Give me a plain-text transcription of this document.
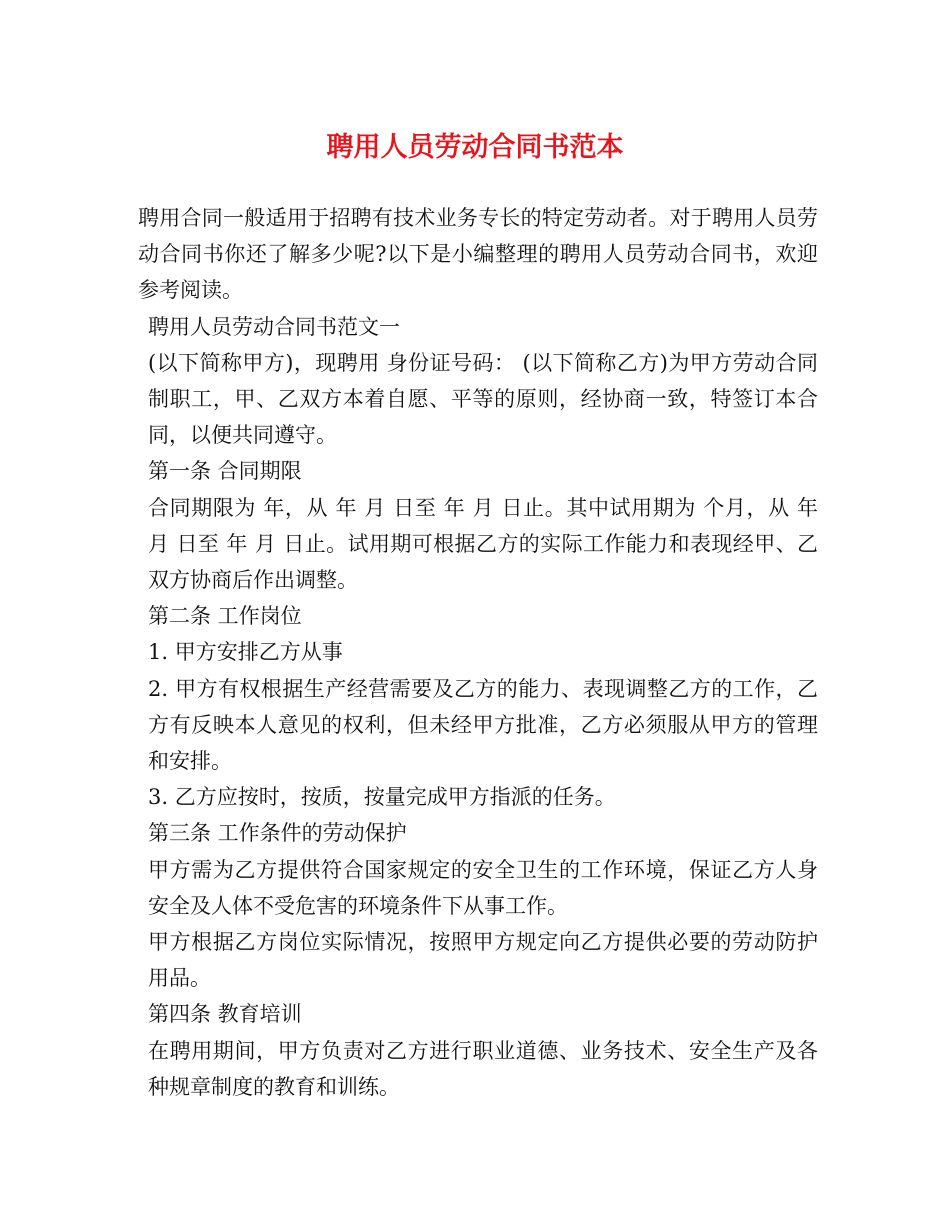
聘用人员劳动合同书范本

聘用合同一般适用于招聘有技术业务专长的特定劳动者。对于聘用人员劳动合同书你还了解多少呢?以下是小编整理的聘用人员劳动合同书，欢迎参考阅读。

聘用人员劳动合同书范文一

(以下简称甲方)，现聘用 身份证号码： (以下简称乙方)为甲方劳动合同制职工，甲、乙双方本着自愿、平等的原则，经协商一致，特签订本合同，以便共同遵守。

第一条 合同期限

合同期限为 年，从 年 月 日至 年 月 日止。其中试用期为 个月，从 年 月 日至 年 月 日止。试用期可根据乙方的实际工作能力和表现经甲、乙双方协商后作出调整。

第二条 工作岗位

1. 甲方安排乙方从事

2. 甲方有权根据生产经营需要及乙方的能力、表现调整乙方的工作，乙方有反映本人意见的权利，但未经甲方批准，乙方必须服从甲方的管理和安排。

3. 乙方应按时，按质，按量完成甲方指派的任务。

第三条 工作条件的劳动保护

甲方需为乙方提供符合国家规定的安全卫生的工作环境，保证乙方人身安全及人体不受危害的环境条件下从事工作。

甲方根据乙方岗位实际情况，按照甲方规定向乙方提供必要的劳动防护用品。

第四条 教育培训

在聘用期间，甲方负责对乙方进行职业道德、业务技术、安全生产及各种规章制度的教育和训练。
